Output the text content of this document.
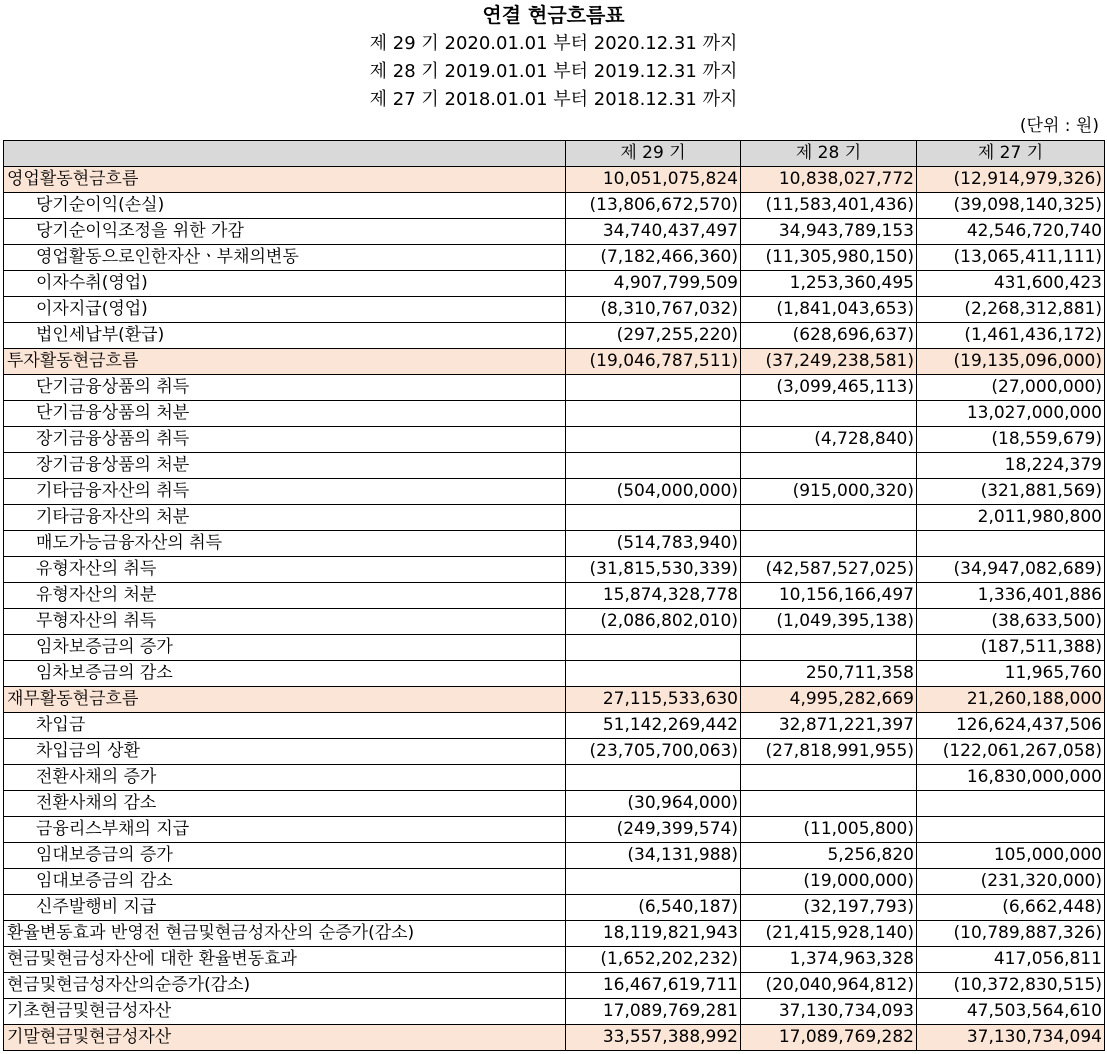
연결 현금흐름표
제 29 기 2020.01.01 부터 2020.12.31 까지
제 28 기 2019.01.01 부터 2019.12.31 까지
제 27 기 2018.01.01 부터 2018.12.31 까지
(단위 : 원)
	제 29 기	제 28 기	제 27 기
영업활동현금흐름	10,051,075,824	10,838,027,772	(12,914,979,326)
당기순이익(손실)	(13,806,672,570)	(11,583,401,436)	(39,098,140,325)
당기순이익조정을 위한 가감	34,740,437,497	34,943,789,153	42,546,720,740
영업활동으로인한자산ㆍ부채의변동	(7,182,466,360)	(11,305,980,150)	(13,065,411,111)
이자수취(영업)	4,907,799,509	1,253,360,495	431,600,423
이자지급(영업)	(8,310,767,032)	(1,841,043,653)	(2,268,312,881)
법인세납부(환급)	(297,255,220)	(628,696,637)	(1,461,436,172)
투자활동현금흐름	(19,046,787,511)	(37,249,238,581)	(19,135,096,000)
단기금융상품의 취득		(3,099,465,113)	(27,000,000)
단기금융상품의 처분			13,027,000,000
장기금융상품의 취득		(4,728,840)	(18,559,679)
장기금융상품의 처분			18,224,379
기타금융자산의 취득	(504,000,000)	(915,000,320)	(321,881,569)
기타금융자산의 처분			2,011,980,800
매도가능금융자산의 취득	(514,783,940)		
유형자산의 취득	(31,815,530,339)	(42,587,527,025)	(34,947,082,689)
유형자산의 처분	15,874,328,778	10,156,166,497	1,336,401,886
무형자산의 취득	(2,086,802,010)	(1,049,395,138)	(38,633,500)
임차보증금의 증가			(187,511,388)
임차보증금의 감소		250,711,358	11,965,760
재무활동현금흐름	27,115,533,630	4,995,282,669	21,260,188,000
차입금	51,142,269,442	32,871,221,397	126,624,437,506
차입금의 상환	(23,705,700,063)	(27,818,991,955)	(122,061,267,058)
전환사채의 증가			16,830,000,000
전환사채의 감소	(30,964,000)		
금융리스부채의 지급	(249,399,574)	(11,005,800)	
임대보증금의 증가	(34,131,988)	5,256,820	105,000,000
임대보증금의 감소		(19,000,000)	(231,320,000)
신주발행비 지급	(6,540,187)	(32,197,793)	(6,662,448)
환율변동효과 반영전 현금및현금성자산의 순증가(감소)	18,119,821,943	(21,415,928,140)	(10,789,887,326)
현금및현금성자산에 대한 환율변동효과	(1,652,202,232)	1,374,963,328	417,056,811
현금및현금성자산의순증가(감소)	16,467,619,711	(20,040,964,812)	(10,372,830,515)
기초현금및현금성자산	17,089,769,281	37,130,734,093	47,503,564,610
기말현금및현금성자산	33,557,388,992	17,089,769,282	37,130,734,094
